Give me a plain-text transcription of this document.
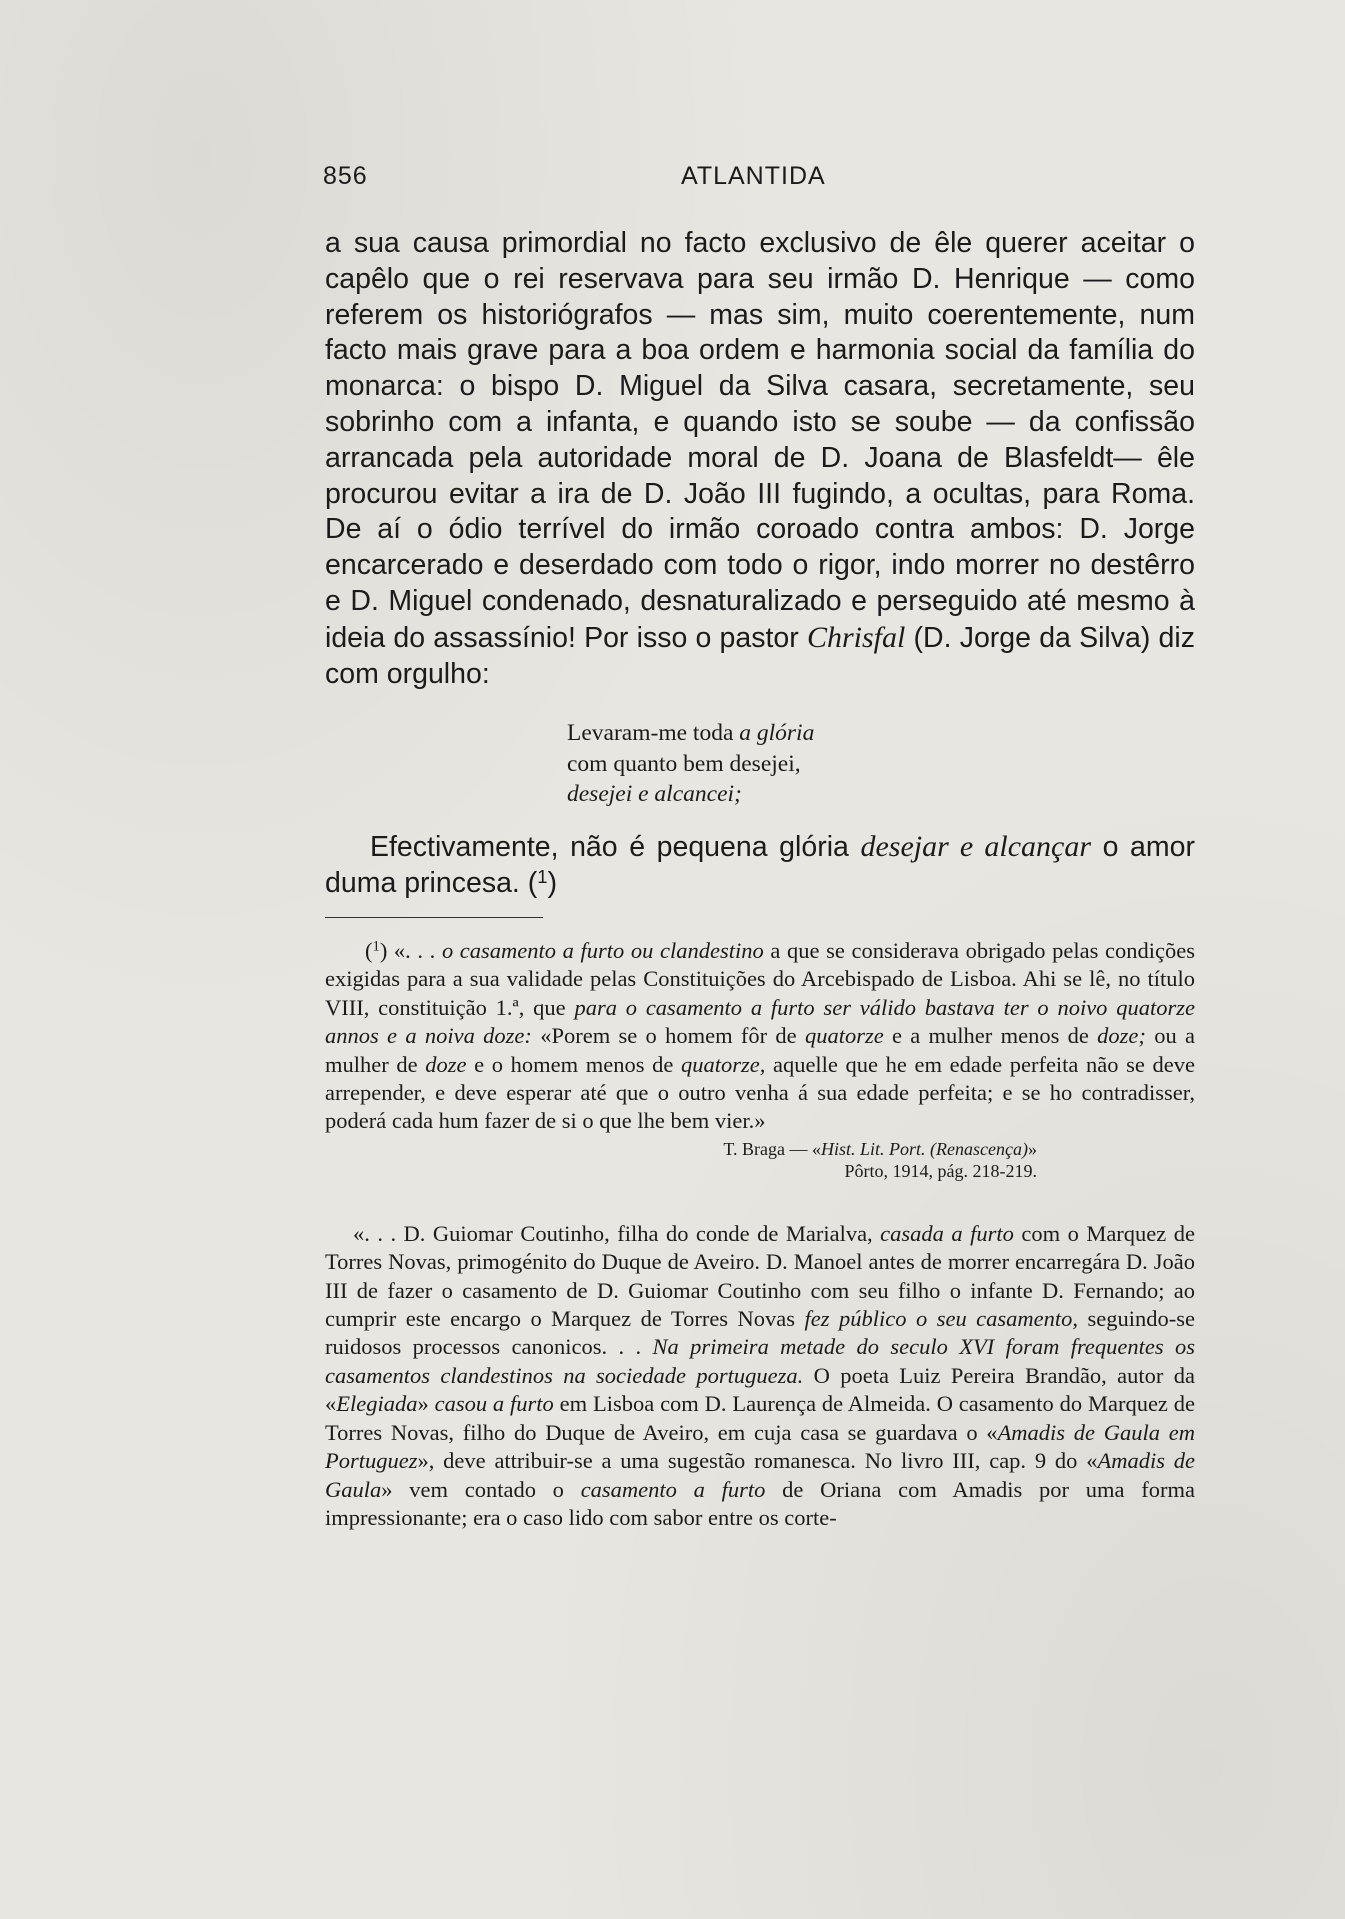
856	ATLANTIDA

a sua causa primordial no facto exclusivo de êle querer aceitar o capêlo que o rei reservava para seu irmão D. Henrique — como referem os historiógrafos — mas sim, muito coerentemente, num facto mais grave para a boa ordem e harmonia social da família do monarca: o bispo D. Miguel da Silva casara, secretamente, seu sobrinho com a infanta, e quando isto se soube — da confissão arrancada pela autoridade moral de D. Joana de Blasfeldt— êle procurou evitar a ira de D. João III fugindo, a ocultas, para Roma. De aí o ódio terrível do irmão coroado contra ambos: D. Jorge encarcerado e deserdado com todo o rigor, indo morrer no destêrro e D. Miguel condenado, desnaturalizado e perseguido até mesmo à ideia do assassínio! Por isso o pastor Chrisfal (D. Jorge da Silva) diz com orgulho:

Levaram-me toda a glória
com quanto bem desejei,
desejei e alcancei;

Efectivamente, não é pequena glória desejar e alcançar o amor duma princesa. ($^1$)

($^1$) «. . . o casamento a furto ou clandestino a que se considerava obrigado pelas condições exigidas para a sua validade pelas Constituições do Arcebispado de Lisboa. Ahi se lê, no título VIII, constituição 1.ª, que para o casamento a furto ser válido bastava ter o noivo quatorze annos e a noiva doze: «Porem se o homem fôr de quatorze e a mulher menos de doze; ou a mulher de doze e o homem menos de quatorze, aquelle que he em edade perfeita não se deve arrepender, e deve esperar até que o outro venha á sua edade perfeita; e se ho contradisser, poderá cada hum fazer de si o que lhe bem vier.»

T. Braga — «Hist. Lit. Port. (Renascença)»
Pôrto, 1914, pág. 218-219.

«. . . D. Guiomar Coutinho, filha do conde de Marialva, casada a furto com o Marquez de Torres Novas, primogénito do Duque de Aveiro. D. Manoel antes de morrer encarregára D. João III de fazer o casamento de D. Guiomar Coutinho com seu filho o infante D. Fernando; ao cumprir este encargo o Marquez de Torres Novas fez público o seu casamento, seguindo-se ruidosos processos canonicos. . . Na primeira metade do seculo XVI foram frequentes os casamentos clandestinos na sociedade portugueza. O poeta Luiz Pereira Brandão, autor da «Elegiada» casou a furto em Lisboa com D. Laurença de Almeida. O casamento do Marquez de Torres Novas, filho do Duque de Aveiro, em cuja casa se guardava o «Amadis de Gaula em Portuguez», deve attribuir-se a uma sugestão romanesca. No livro III, cap. 9 do «Amadis de Gaula» vem contado o casamento a furto de Oriana com Amadis por uma forma impressionante; era o caso lido com sabor entre os corte-
